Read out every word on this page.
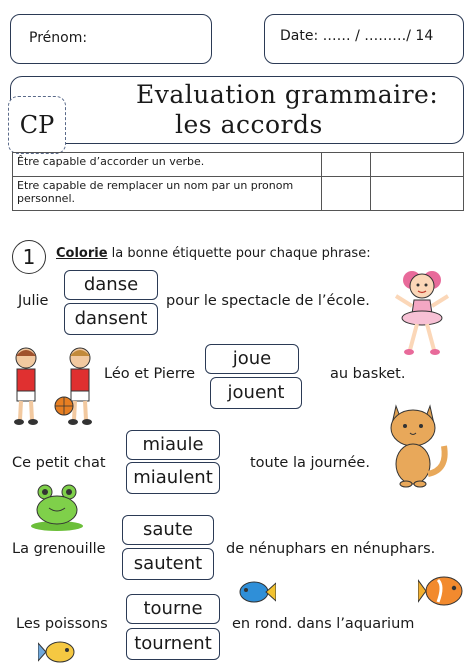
Prénom:	Date: …… / ………/ 14
Evaluation grammaire:
les accords
CP
Être capable d’accorder un verbe.		
Etre capable de remplacer un nom par un pronom personnel.		
1	Colorie la bonne étiquette pour chaque phrase:
Julie
danse
dansent
pour le spectacle de l’école.
Léo et Pierre
joue
jouent
au basket.
Ce petit chat
miaule
miaulent
toute la journée.
La grenouille
saute
sautent
de nénuphars en nénuphars.
Les poissons
tourne
tournent
en rond. dans l’aquarium
